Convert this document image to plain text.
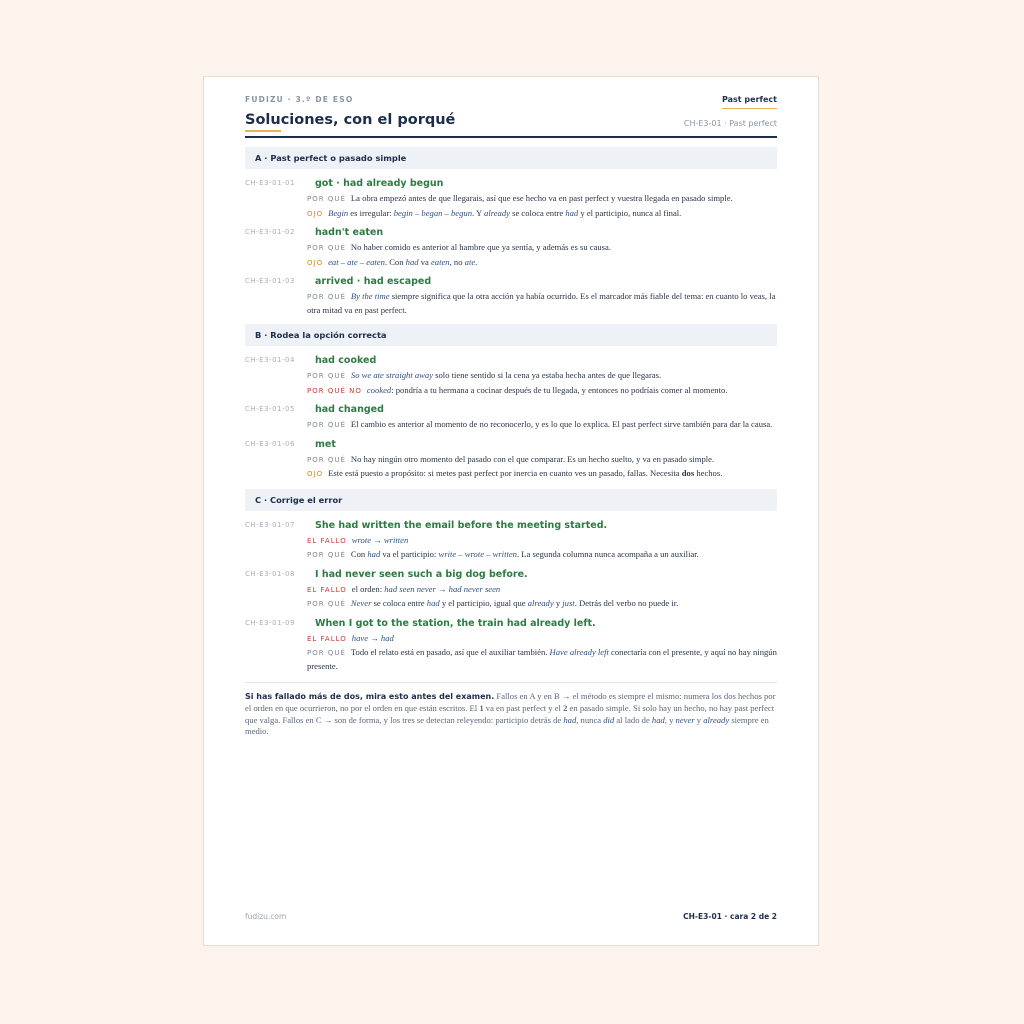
FUDIZU · 3.º DE ESO	Past perfect
Soluciones, con el porqué	CH-E3-01 · Past perfect
A · Past perfect o pasado simple
CH-E3-01-01	got · had already begun
POR QUÉ La obra empezó antes de que llegarais, así que ese hecho va en past perfect y vuestra llegada en pasado simple.
OJO Begin es irregular: begin – began – begun. Y already se coloca entre had y el participio, nunca al final.
CH-E3-01-02	hadn't eaten
POR QUÉ No haber comido es anterior al hambre que ya sentía, y además es su causa.
OJO eat – ate – eaten. Con had va eaten, no ate.
CH-E3-01-03	arrived · had escaped
POR QUÉ By the time siempre significa que la otra acción ya había ocurrido. Es el marcador más fiable del tema: en cuanto lo veas, la otra mitad va en past perfect.
B · Rodea la opción correcta
CH-E3-01-04	had cooked
POR QUÉ So we ate straight away solo tiene sentido si la cena ya estaba hecha antes de que llegaras.
POR QUÉ NO cooked: pondría a tu hermana a cocinar después de tu llegada, y entonces no podríais comer al momento.
CH-E3-01-05	had changed
POR QUÉ El cambio es anterior al momento de no reconocerlo, y es lo que lo explica. El past perfect sirve también para dar la causa.
CH-E3-01-06	met
POR QUÉ No hay ningún otro momento del pasado con el que comparar. Es un hecho suelto, y va en pasado simple.
OJO Este está puesto a propósito: si metes past perfect por inercia en cuanto ves un pasado, fallas. Necesita dos hechos.
C · Corrige el error
CH-E3-01-07	She had written the email before the meeting started.
EL FALLO wrote → written
POR QUÉ Con had va el participio: write – wrote – written. La segunda columna nunca acompaña a un auxiliar.
CH-E3-01-08	I had never seen such a big dog before.
EL FALLO el orden: had seen never → had never seen
POR QUÉ Never se coloca entre had y el participio, igual que already y just. Detrás del verbo no puede ir.
CH-E3-01-09	When I got to the station, the train had already left.
EL FALLO have → had
POR QUÉ Todo el relato está en pasado, así que el auxiliar también. Have already left conectaría con el presente, y aquí no hay ningún presente.
Si has fallado más de dos, mira esto antes del examen. Fallos en A y en B → el método es siempre el mismo: numera los dos hechos por el orden en que ocurrieron, no por el orden en que están escritos. El 1 va en past perfect y el 2 en pasado simple. Si solo hay un hecho, no hay past perfect que valga. Fallos en C → son de forma, y los tres se detectan releyendo: participio detrás de had, nunca did al lado de had, y never y already siempre en medio.
fudizu.com	CH-E3-01 · cara 2 de 2
